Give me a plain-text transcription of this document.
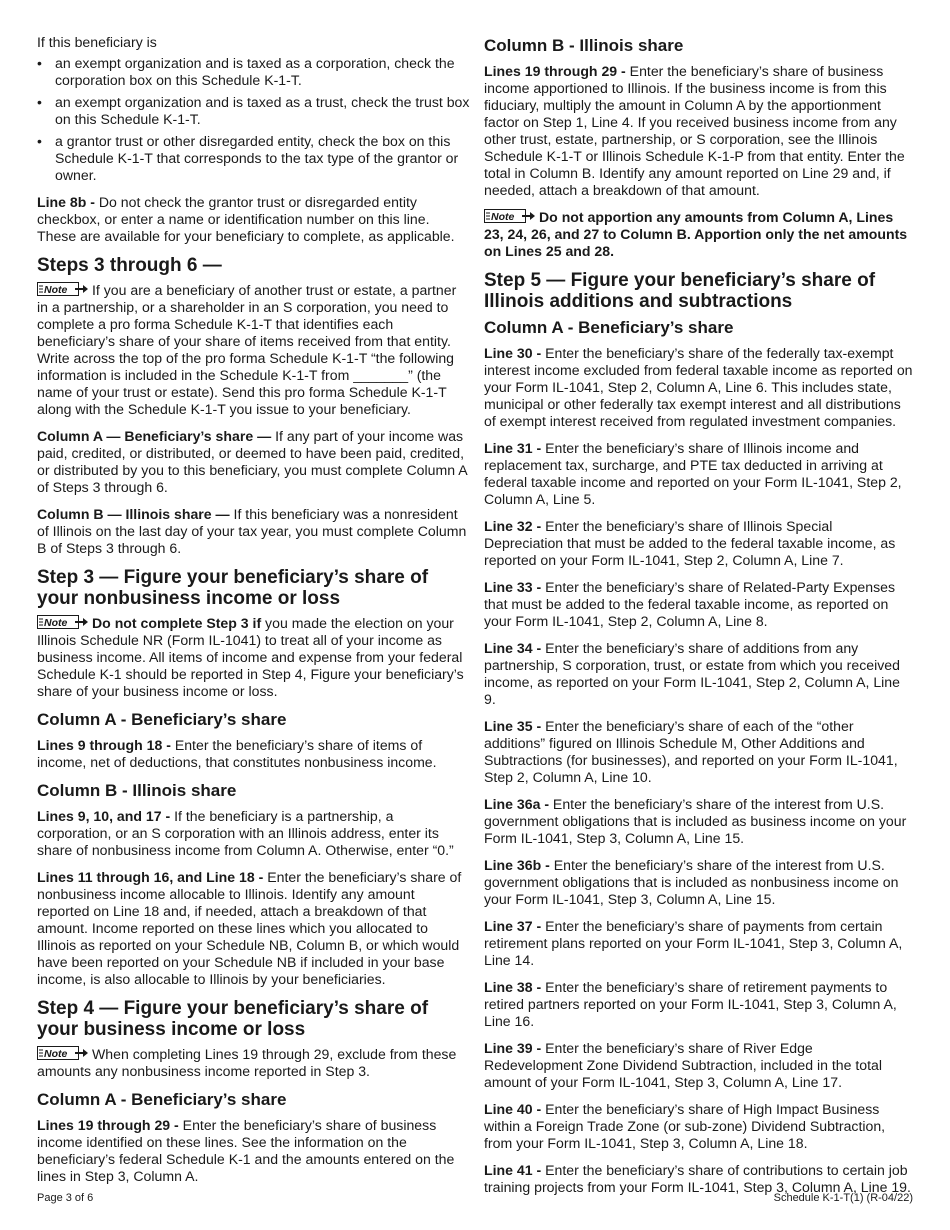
If this beneficiary is

• an exempt organization and is taxed as a corporation, check the corporation box on this Schedule K-1-T.
• an exempt organization and is taxed as a trust, check the trust box on this Schedule K-1-T.
• a grantor trust or other disregarded entity, check the box on this Schedule K-1-T that corresponds to the tax type of the grantor or owner.

Line 8b - Do not check the grantor trust or disregarded entity checkbox, or enter a name or identification number on this line. These are available for your beneficiary to complete, as applicable.

Steps 3 through 6 —

Note If you are a beneficiary of another trust or estate, a partner in a partnership, or a shareholder in an S corporation, you need to complete a pro forma Schedule K-1-T that identifies each beneficiary’s share of your share of items received from that entity. Write across the top of the pro forma Schedule K-1-T “the following information is included in the Schedule K-1-T from _______” (the name of your trust or estate). Send this pro forma Schedule K-1-T along with the Schedule K-1-T you issue to your beneficiary.

Column A — Beneficiary’s share — If any part of your income was paid, credited, or distributed, or deemed to have been paid, credited, or distributed by you to this beneficiary, you must complete Column A of Steps 3 through 6.

Column B — Illinois share — If this beneficiary was a nonresident of Illinois on the last day of your tax year, you must complete Column B of Steps 3 through 6.

Step 3 — Figure your beneficiary’s share of your nonbusiness income or loss

Note Do not complete Step 3 if you made the election on your Illinois Schedule NR (Form IL-1041) to treat all of your income as business income. All items of income and expense from your federal Schedule K-1 should be reported in Step 4, Figure your beneficiary’s share of your business income or loss.

Column A - Beneficiary’s share

Lines 9 through 18 - Enter the beneficiary’s share of items of income, net of deductions, that constitutes nonbusiness income.

Column B - Illinois share

Lines 9, 10, and 17 - If the beneficiary is a partnership, a corporation, or an S corporation with an Illinois address, enter its share of nonbusiness income from Column A. Otherwise, enter “0.”

Lines 11 through 16, and Line 18 - Enter the beneficiary’s share of nonbusiness income allocable to Illinois. Identify any amount reported on Line 18 and, if needed, attach a breakdown of that amount. Income reported on these lines which you allocated to Illinois as reported on your Schedule NB, Column B, or which would have been reported on your Schedule NB if included in your base income, is also allocable to Illinois by your beneficiaries.

Step 4 — Figure your beneficiary’s share of your business income or loss

Note When completing Lines 19 through 29, exclude from these amounts any nonbusiness income reported in Step 3.

Column A - Beneficiary’s share

Lines 19 through 29 - Enter the beneficiary’s share of business income identified on these lines. See the information on the beneficiary’s federal Schedule K-1 and the amounts entered on the lines in Step 3, Column A.

Column B - Illinois share

Lines 19 through 29 - Enter the beneficiary’s share of business income apportioned to Illinois. If the business income is from this fiduciary, multiply the amount in Column A by the apportionment factor on Step 1, Line 4. If you received business income from any other trust, estate, partnership, or S corporation, see the Illinois Schedule K-1-T or Illinois Schedule K-1-P from that entity. Enter the total in Column B. Identify any amount reported on Line 29 and, if needed, attach a breakdown of that amount.

Note Do not apportion any amounts from Column A, Lines 23, 24, 26, and 27 to Column B. Apportion only the net amounts on Lines 25 and 28.

Step 5 — Figure your beneficiary’s share of Illinois additions and subtractions
Column A - Beneficiary’s share

Line 30 - Enter the beneficiary’s share of the federally tax-exempt interest income excluded from federal taxable income as reported on your Form IL-1041, Step 2, Column A, Line 6. This includes state, municipal or other federally tax exempt interest and all distributions of exempt interest received from regulated investment companies.

Line 31 - Enter the beneficiary’s share of Illinois income and replacement tax, surcharge, and PTE tax deducted in arriving at federal taxable income and reported on your Form IL-1041, Step 2, Column A, Line 5.

Line 32 - Enter the beneficiary’s share of Illinois Special Depreciation that must be added to the federal taxable income, as reported on your Form IL-1041, Step 2, Column A, Line 7.

Line 33 - Enter the beneficiary’s share of Related-Party Expenses that must be added to the federal taxable income, as reported on your Form IL-1041, Step 2, Column A, Line 8.

Line 34 - Enter the beneficiary’s share of additions from any partnership, S corporation, trust, or estate from which you received income, as reported on your Form IL-1041, Step 2, Column A, Line 9.

Line 35 - Enter the beneficiary’s share of each of the “other additions” figured on Illinois Schedule M, Other Additions and Subtractions (for businesses), and reported on your Form IL-1041, Step 2, Column A, Line 10.

Line 36a - Enter the beneficiary’s share of the interest from U.S. government obligations that is included as business income on your Form IL-1041, Step 3, Column A, Line 15.

Line 36b - Enter the beneficiary’s share of the interest from U.S. government obligations that is included as nonbusiness income on your Form IL-1041, Step 3, Column A, Line 15.

Line 37 - Enter the beneficiary’s share of payments from certain retirement plans reported on your Form IL-1041, Step 3, Column A, Line 14.

Line 38 - Enter the beneficiary’s share of retirement payments to retired partners reported on your Form IL-1041, Step 3, Column A, Line 16.

Line 39 - Enter the beneficiary’s share of River Edge Redevelopment Zone Dividend Subtraction, included in the total amount of your Form IL-1041, Step 3, Column A, Line 17.

Line 40 - Enter the beneficiary’s share of High Impact Business within a Foreign Trade Zone (or sub-zone) Dividend Subtraction, from your Form IL-1041, Step 3, Column A, Line 18.

Line 41 - Enter the beneficiary’s share of contributions to certain job training projects from your Form IL-1041, Step 3, Column A, Line 19.

Page 3 of 6	Schedule K-1-T(1) (R-04/22)
